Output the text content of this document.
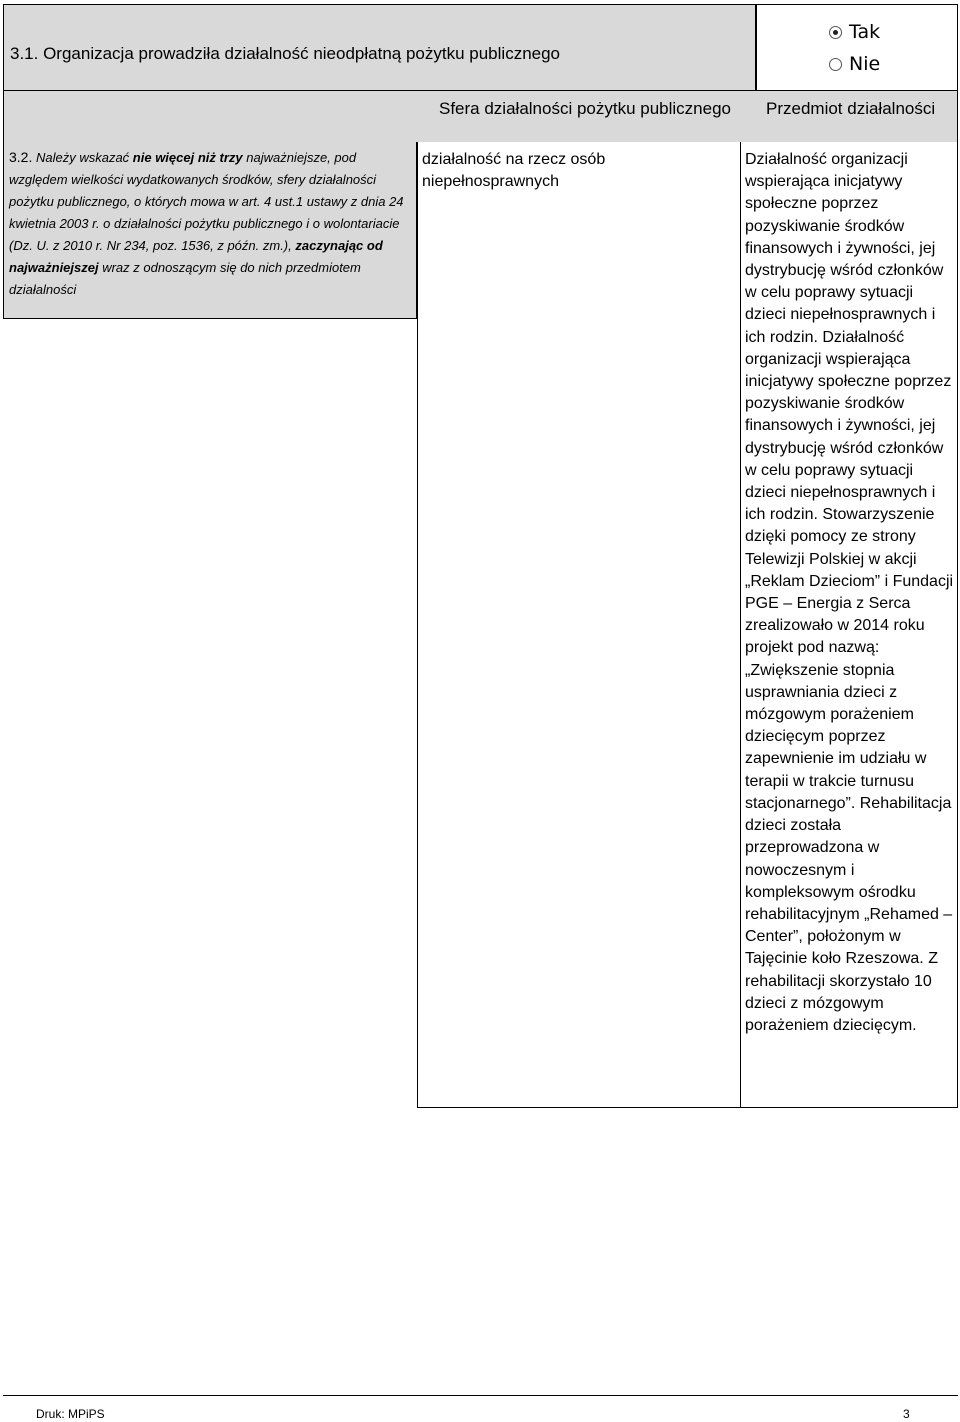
3.1. Organizacja prowadziła działalność nieodpłatną pożytku publicznego
Tak
Nie
Sfera działalności pożytku publicznego Przedmiot działalności
3.2. Należy wskazać nie więcej niż trzy najważniejsze, pod względem wielkości wydatkowanych środków, sfery działalności pożytku publicznego, o których mowa w art. 4 ust.1 ustawy z dnia 24 kwietnia 2003 r. o działalności pożytku publicznego i o wolontariacie (Dz. U. z 2010 r. Nr 234, poz. 1536, z późn. zm.), zaczynając od najważniejszej wraz z odnoszącym się do nich przedmiotem działalności
działalność na rzecz osób niepełnosprawnych
Działalność organizacji wspierająca inicjatywy społeczne poprzez pozyskiwanie środków finansowych i żywności, jej dystrybucję wśród członków w celu poprawy sytuacji dzieci niepełnosprawnych i ich rodzin. Działalność organizacji wspierająca inicjatywy społeczne poprzez pozyskiwanie środków finansowych i żywności, jej dystrybucję wśród członków w celu poprawy sytuacji dzieci niepełnosprawnych i ich rodzin. Stowarzyszenie dzięki pomocy ze strony Telewizji Polskiej w akcji „Reklam Dzieciom” i Fundacji PGE – Energia z Serca zrealizowało w 2014 roku projekt pod nazwą: „Zwiększenie stopnia usprawniania dzieci z mózgowym porażeniem dziecięcym poprzez zapewnienie im udziału w terapii w trakcie turnusu stacjonarnego”. Rehabilitacja dzieci została przeprowadzona w nowoczesnym i kompleksowym ośrodku rehabilitacyjnym „Rehamed – Center”, położonym w Tajęcinie koło Rzeszowa. Z rehabilitacji skorzystało 10 dzieci z mózgowym porażeniem dziecięcym.
Druk: MPiPS	3
